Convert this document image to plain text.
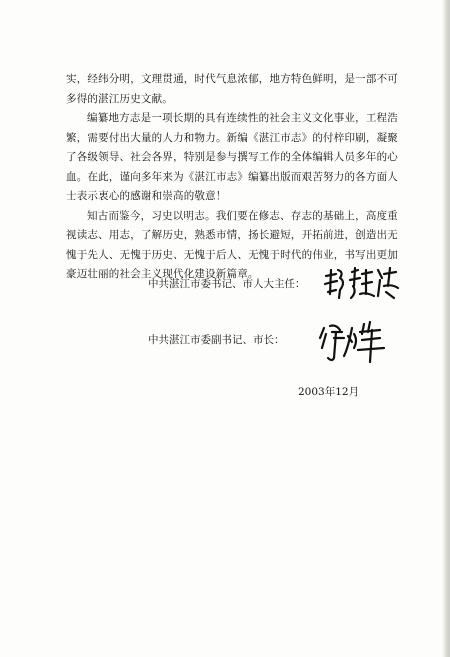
实，经纬分明，文理贯通，时代气息浓郁，地方特色鲜明，是一部不可多得的湛江历史文献。

编纂地方志是一项长期的具有连续性的社会主义文化事业，工程浩繁，需要付出大量的人力和物力。新编《湛江市志》的付梓印刷，凝聚了各级领导、社会各界，特别是参与撰写工作的全体编辑人员多年的心血。在此，谨向多年来为《湛江市志》编纂出版而艰苦努力的各方面人士表示衷心的感谢和崇高的敬意！

知古而鉴今，习史以明志。我们要在修志、存志的基础上，高度重视读志、用志，了解历史，熟悉市情，扬长避短，开拓前进，创造出无愧于先人、无愧于历史、无愧于后人、无愧于时代的伟业，书写出更加豪迈壮丽的社会主义现代化建设新篇章。

中共湛江市委书记、市人大主任：
中共湛江市委副书记、市长：
2003年12月
